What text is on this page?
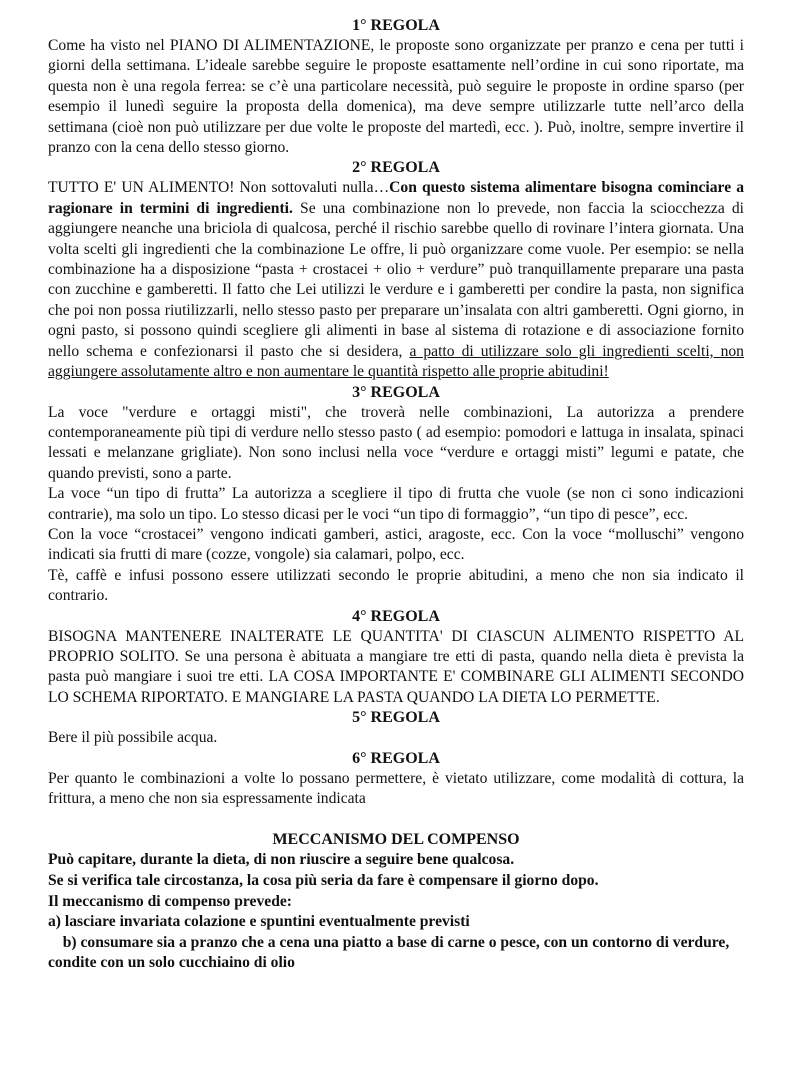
1° REGOLA

Come ha visto nel PIANO DI ALIMENTAZIONE, le proposte sono organizzate per pranzo e cena per tutti i giorni della settimana. L’ideale sarebbe seguire le proposte esattamente nell’ordine in cui sono riportate, ma questa non è una regola ferrea: se c’è una particolare necessità, può seguire le proposte in ordine sparso (per esempio il lunedì seguire la proposta della domenica), ma deve sempre utilizzarle tutte nell’arco della settimana (cioè non può utilizzare per due volte le proposte del martedì, ecc. ). Può, inoltre, sempre invertire il pranzo con la cena dello stesso giorno.

2° REGOLA

TUTTO E' UN ALIMENTO! Non sottovaluti nulla…Con questo sistema alimentare bisogna cominciare a ragionare in termini di ingredienti. Se una combinazione non lo prevede, non faccia la sciocchezza di aggiungere neanche una briciola di qualcosa, perché il rischio sarebbe quello di rovinare l’intera giornata. Una volta scelti gli ingredienti che la combinazione Le offre, li può organizzare come vuole. Per esempio: se nella combinazione ha a disposizione “pasta + crostacei + olio + verdure” può tranquillamente preparare una pasta con zucchine e gamberetti. Il fatto che Lei utilizzi le verdure e i gamberetti per condire la pasta, non significa che poi non possa riutilizzarli, nello stesso pasto per preparare un’insalata con altri gamberetti. Ogni giorno, in ogni pasto, si possono quindi scegliere gli alimenti in base al sistema di rotazione e di associazione fornito nello schema e confezionarsi il pasto che si desidera, a patto di utilizzare solo gli ingredienti scelti, non aggiungere assolutamente altro e non aumentare le quantità rispetto alle proprie abitudini!

3° REGOLA

La voce "verdure e ortaggi misti", che troverà nelle combinazioni, La autorizza a prendere contemporaneamente più tipi di verdure nello stesso pasto ( ad esempio: pomodori e lattuga in insalata, spinaci lessati e melanzane grigliate). Non sono inclusi nella voce “verdure e ortaggi misti” legumi e patate, che quando previsti, sono a parte.

La voce “un tipo di frutta” La autorizza a scegliere il tipo di frutta che vuole (se non ci sono indicazioni contrarie), ma solo un tipo. Lo stesso dicasi per le voci “un tipo di formaggio”, “un tipo di pesce”, ecc.

Con la voce “crostacei” vengono indicati gamberi, astici, aragoste, ecc. Con la voce “molluschi” vengono indicati sia frutti di mare (cozze, vongole) sia calamari, polpo, ecc.

Tè, caffè e infusi possono essere utilizzati secondo le proprie abitudini, a meno che non sia indicato il contrario.

4° REGOLA

BISOGNA MANTENERE INALTERATE LE QUANTITA' DI CIASCUN ALIMENTO RISPETTO AL PROPRIO SOLITO. Se una persona è abituata a mangiare tre etti di pasta, quando nella dieta è prevista la pasta può mangiare i suoi tre etti. LA COSA IMPORTANTE E' COMBINARE GLI ALIMENTI SECONDO LO SCHEMA RIPORTATO. E MANGIARE LA PASTA QUANDO LA DIETA LO PERMETTE.

5° REGOLA

Bere il più possibile acqua.

6° REGOLA

Per quanto le combinazioni a volte lo possano permettere, è vietato utilizzare, come modalità di cottura, la frittura, a meno che non sia espressamente indicata

MECCANISMO DEL COMPENSO

Può capitare, durante la dieta, di non riuscire a seguire bene qualcosa.

Se si verifica tale circostanza, la cosa più seria da fare è compensare il giorno dopo.

Il meccanismo di compenso prevede:

a) lasciare invariata colazione e spuntini eventualmente previsti

b) consumare sia a pranzo che a cena una piatto a base di carne o pesce, con un contorno di verdure, condite con un solo cucchiaino di olio
